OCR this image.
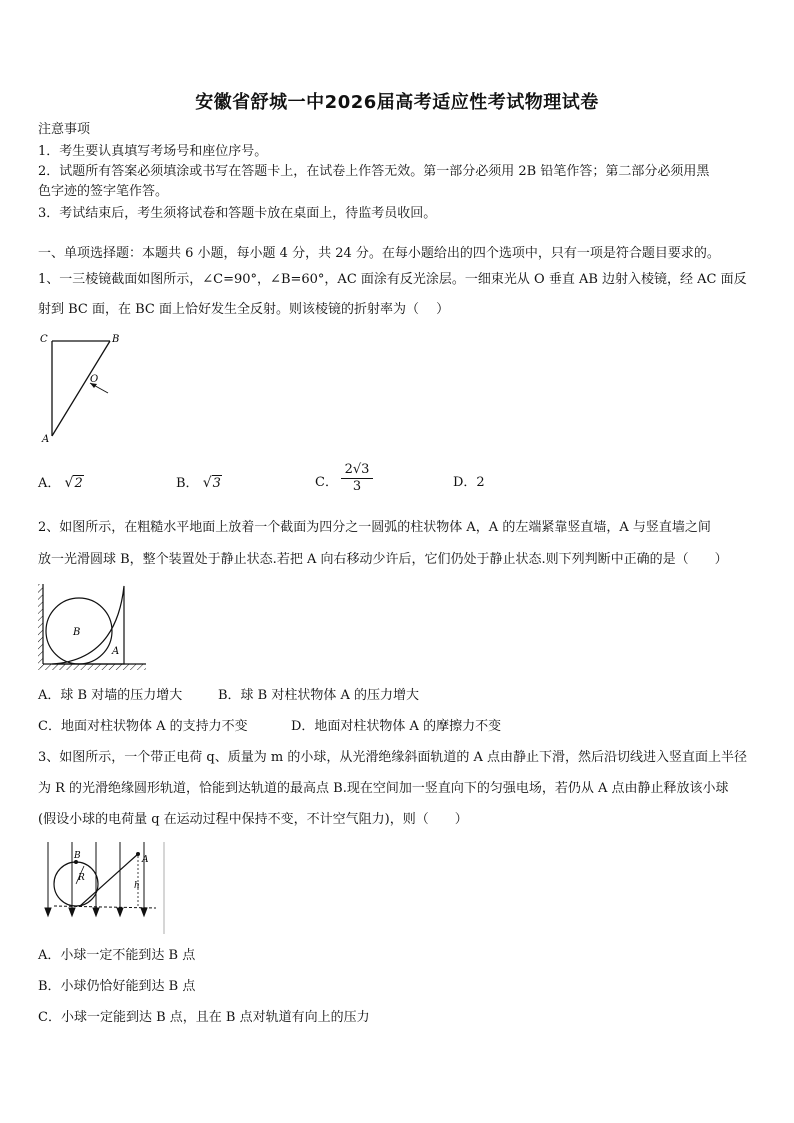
安徽省舒城一中2026届高考适应性考试物理试卷
注意事项
1．考生要认真填写考场号和座位序号。
2．试题所有答案必须填涂或书写在答题卡上，在试卷上作答无效。第一部分必须用 2B 铅笔作答；第二部分必须用黑
色字迹的签字笔作答。
3．考试结束后，考生须将试卷和答题卡放在桌面上，待监考员收回。
一、单项选择题：本题共 6 小题，每小题 4 分，共 24 分。在每小题给出的四个选项中，只有一项是符合题目要求的。
1、一三棱镜截面如图所示，∠C=90°，∠B=60°，AC 面涂有反光涂层。一细束光从 O 垂直 AB 边射入棱镜，经 AC 面反
射到 BC 面，在 BC 面上恰好发生全反射。则该棱镜的折射率为（　 ）
C	B
O
A
A． √2	B． √3	C． $\frac{2√3}{3}$	D．2
2、如图所示，在粗糙水平地面上放着一个截面为四分之一圆弧的柱状物体 A，A 的左端紧靠竖直墙，A 与竖直墙之间
放一光滑圆球 B，整个装置处于静止状态.若把 A 向右移动少许后，它们仍处于静止状态.则下列判断中正确的是（　　）
B
A
A．球 B 对墙的压力增大	B．球 B 对柱状物体 A 的压力增大
C．地面对柱状物体 A 的支持力不变	D．地面对柱状物体 A 的摩擦力不变
3、如图所示，一个带正电荷 q、质量为 m 的小球，从光滑绝缘斜面轨道的 A 点由静止下滑，然后沿切线进入竖直面上半径
为 R 的光滑绝缘圆形轨道，恰能到达轨道的最高点 B.现在空间加一竖直向下的匀强电场，若仍从 A 点由静止释放该小球
(假设小球的电荷量 q 在运动过程中保持不变，不计空气阻力)，则（　　）
B
R
A
h
A．小球一定不能到达 B 点
B．小球仍恰好能到达 B 点
C．小球一定能到达 B 点，且在 B 点对轨道有向上的压力
